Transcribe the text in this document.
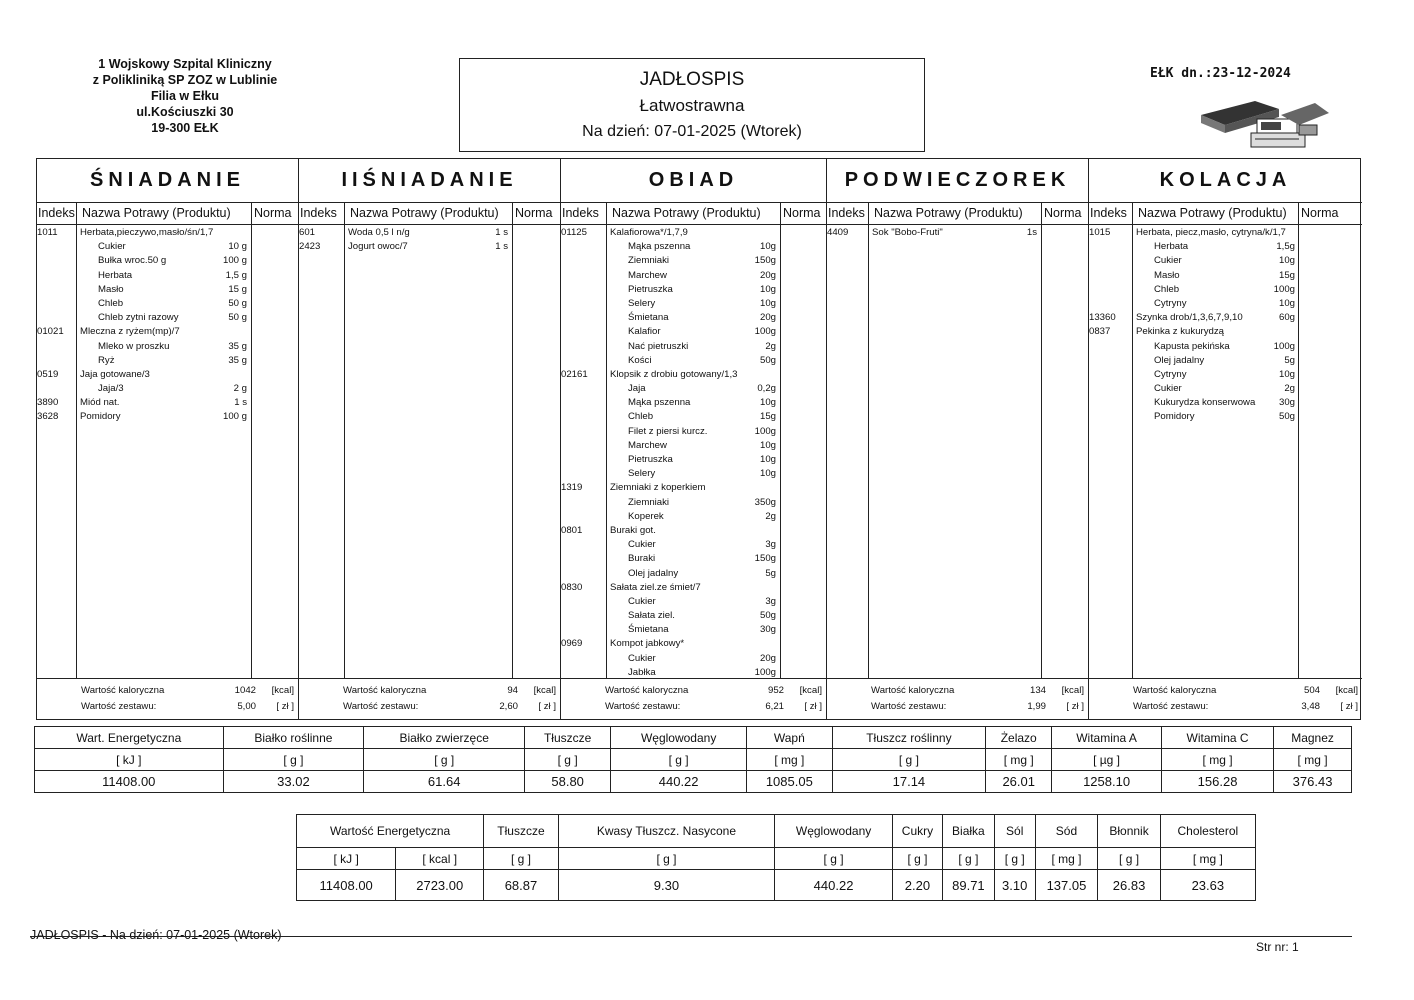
1 Wojskowy Szpital Kliniczny
z Polikliniką SP ZOZ w Lublinie
Filia w Ełku
ul.Kościuszki 30
19-300 EŁK
JADŁOSPIS
Łatwostrawna
Na dzień: 07-01-2025 (Wtorek)
EŁK dn.:23-12-2024
ŚNIADANIE
Indeks Nazwa Potrawy (Produktu) Norma
1011 Herbata,pieczywo,masło/śn/1,7
Cukier	10 g
Bułka wroc.50 g	100 g
Herbata	1,5 g
Masło	15 g
Chleb	50 g
Chleb zytni razowy	50 g
01021 Mleczna z ryżem(mp)/7
Mleko w proszku	35 g
Ryż	35 g
0519 Jaja gotowane/3
Jaja/3	2 g
3890 Miód nat.	1 s
3628 Pomidory	100 g
Wartość kaloryczna	1042 [kcal]
Wartość zestawu:	5,00 [ zł ]
IIŚNIADANIE
Indeks Nazwa Potrawy (Produktu) Norma
601	Woda 0,5 l n/g	1 s
2423	Jogurt owoc/7	1 s
Wartość kaloryczna	94 [kcal]
Wartość zestawu:	2,60 [ zł ]
OBIAD
Indeks Nazwa Potrawy (Produktu) Norma
01125 Kalafiorowa*/1,7,9
Mąka pszenna	10g
Ziemniaki	150g
Marchew	20g
Pietruszka	10g
Selery	10g
Śmietana	20g
Kalafior	100g
Nać pietruszki	2g
Kości	50g
02161 Klopsik z drobiu gotowany/1,3
Jaja	0,2g
Mąka pszenna	10g
Chleb	15g
Filet z piersi kurcz.	100g
Marchew	10g
Pietruszka	10g
Selery	10g
1319	Ziemniaki z koperkiem
Ziemniaki	350g
Koperek	2g
0801	Buraki got.
Cukier	3g
Buraki	150g
Olej jadalny	5g
0830	Sałata ziel.ze śmiet/7
Cukier	3g
Sałata ziel.	50g
Śmietana	30g
0969	Kompot jabkowy*
Cukier	20g
Jabłka	100g
Wartość kaloryczna	952 [kcal]
Wartość zestawu:	6,21 [ zł ]
PODWIECZOREK
Indeks Nazwa Potrawy (Produktu) Norma
4409 Sok "Bobo-Fruti"	1s
Wartość kaloryczna	134 [kcal]
Wartość zestawu:	1,99 [ zł ]
KOLACJA
Indeks Nazwa Potrawy (Produktu) Norma
1015	Herbata, piecz,masło, cytryna/k/1,7
Herbata	1,5g
Cukier	10g
Masło	15g
Chleb	100g
Cytryny	10g
13360 Szynka drob/1,3,6,7,9,10	60g
0837	Pekinka z kukurydzą
Kapusta pekińska	100g
Olej jadalny	5g
Cytryny	10g
Cukier	2g
Kukurydza konserwowa 30g
Pomidory	50g
Wartość kaloryczna	504 [kcal]
Wartość zestawu:	3,48 [ zł ]
Wart. Energetyczna	Białko roślinne	Białko zwierzęce	Tłuszcze	Węglowodany	Wapń	Tłuszcz roślinny	Żelazo	Witamina A	Witamina C	Magnez
[ kJ ]	[ g ]	[ g ]	[ g ]	[ g ]	[ mg ]	[ g ]	[ mg ]	[ µg ]	[ mg ]	[ mg ]
11408.00	33.02	61.64	58.80	440.22	1085.05	17.14	26.01	1258.10	156.28	376.43
Wartość Energetyczna		Tłuszcze	Kwasy Tłuszcz. Nasycone	Węglowodany	Cukry	Białka	Sól	Sód	Błonnik	Cholesterol
[ kJ ]	[ kcal ]	[ g ]	[ g ]	[ g ]	[ g ]	[ g ]	[ g ]	[ mg ]	[ g ]	[ mg ]
11408.00	2723.00	68.87	9.30	440.22	2.20	89.71	3.10	137.05	26.83	23.63
JADŁOSPIS - Na dzień: 07-01-2025 (Wtorek)
Str nr: 1
